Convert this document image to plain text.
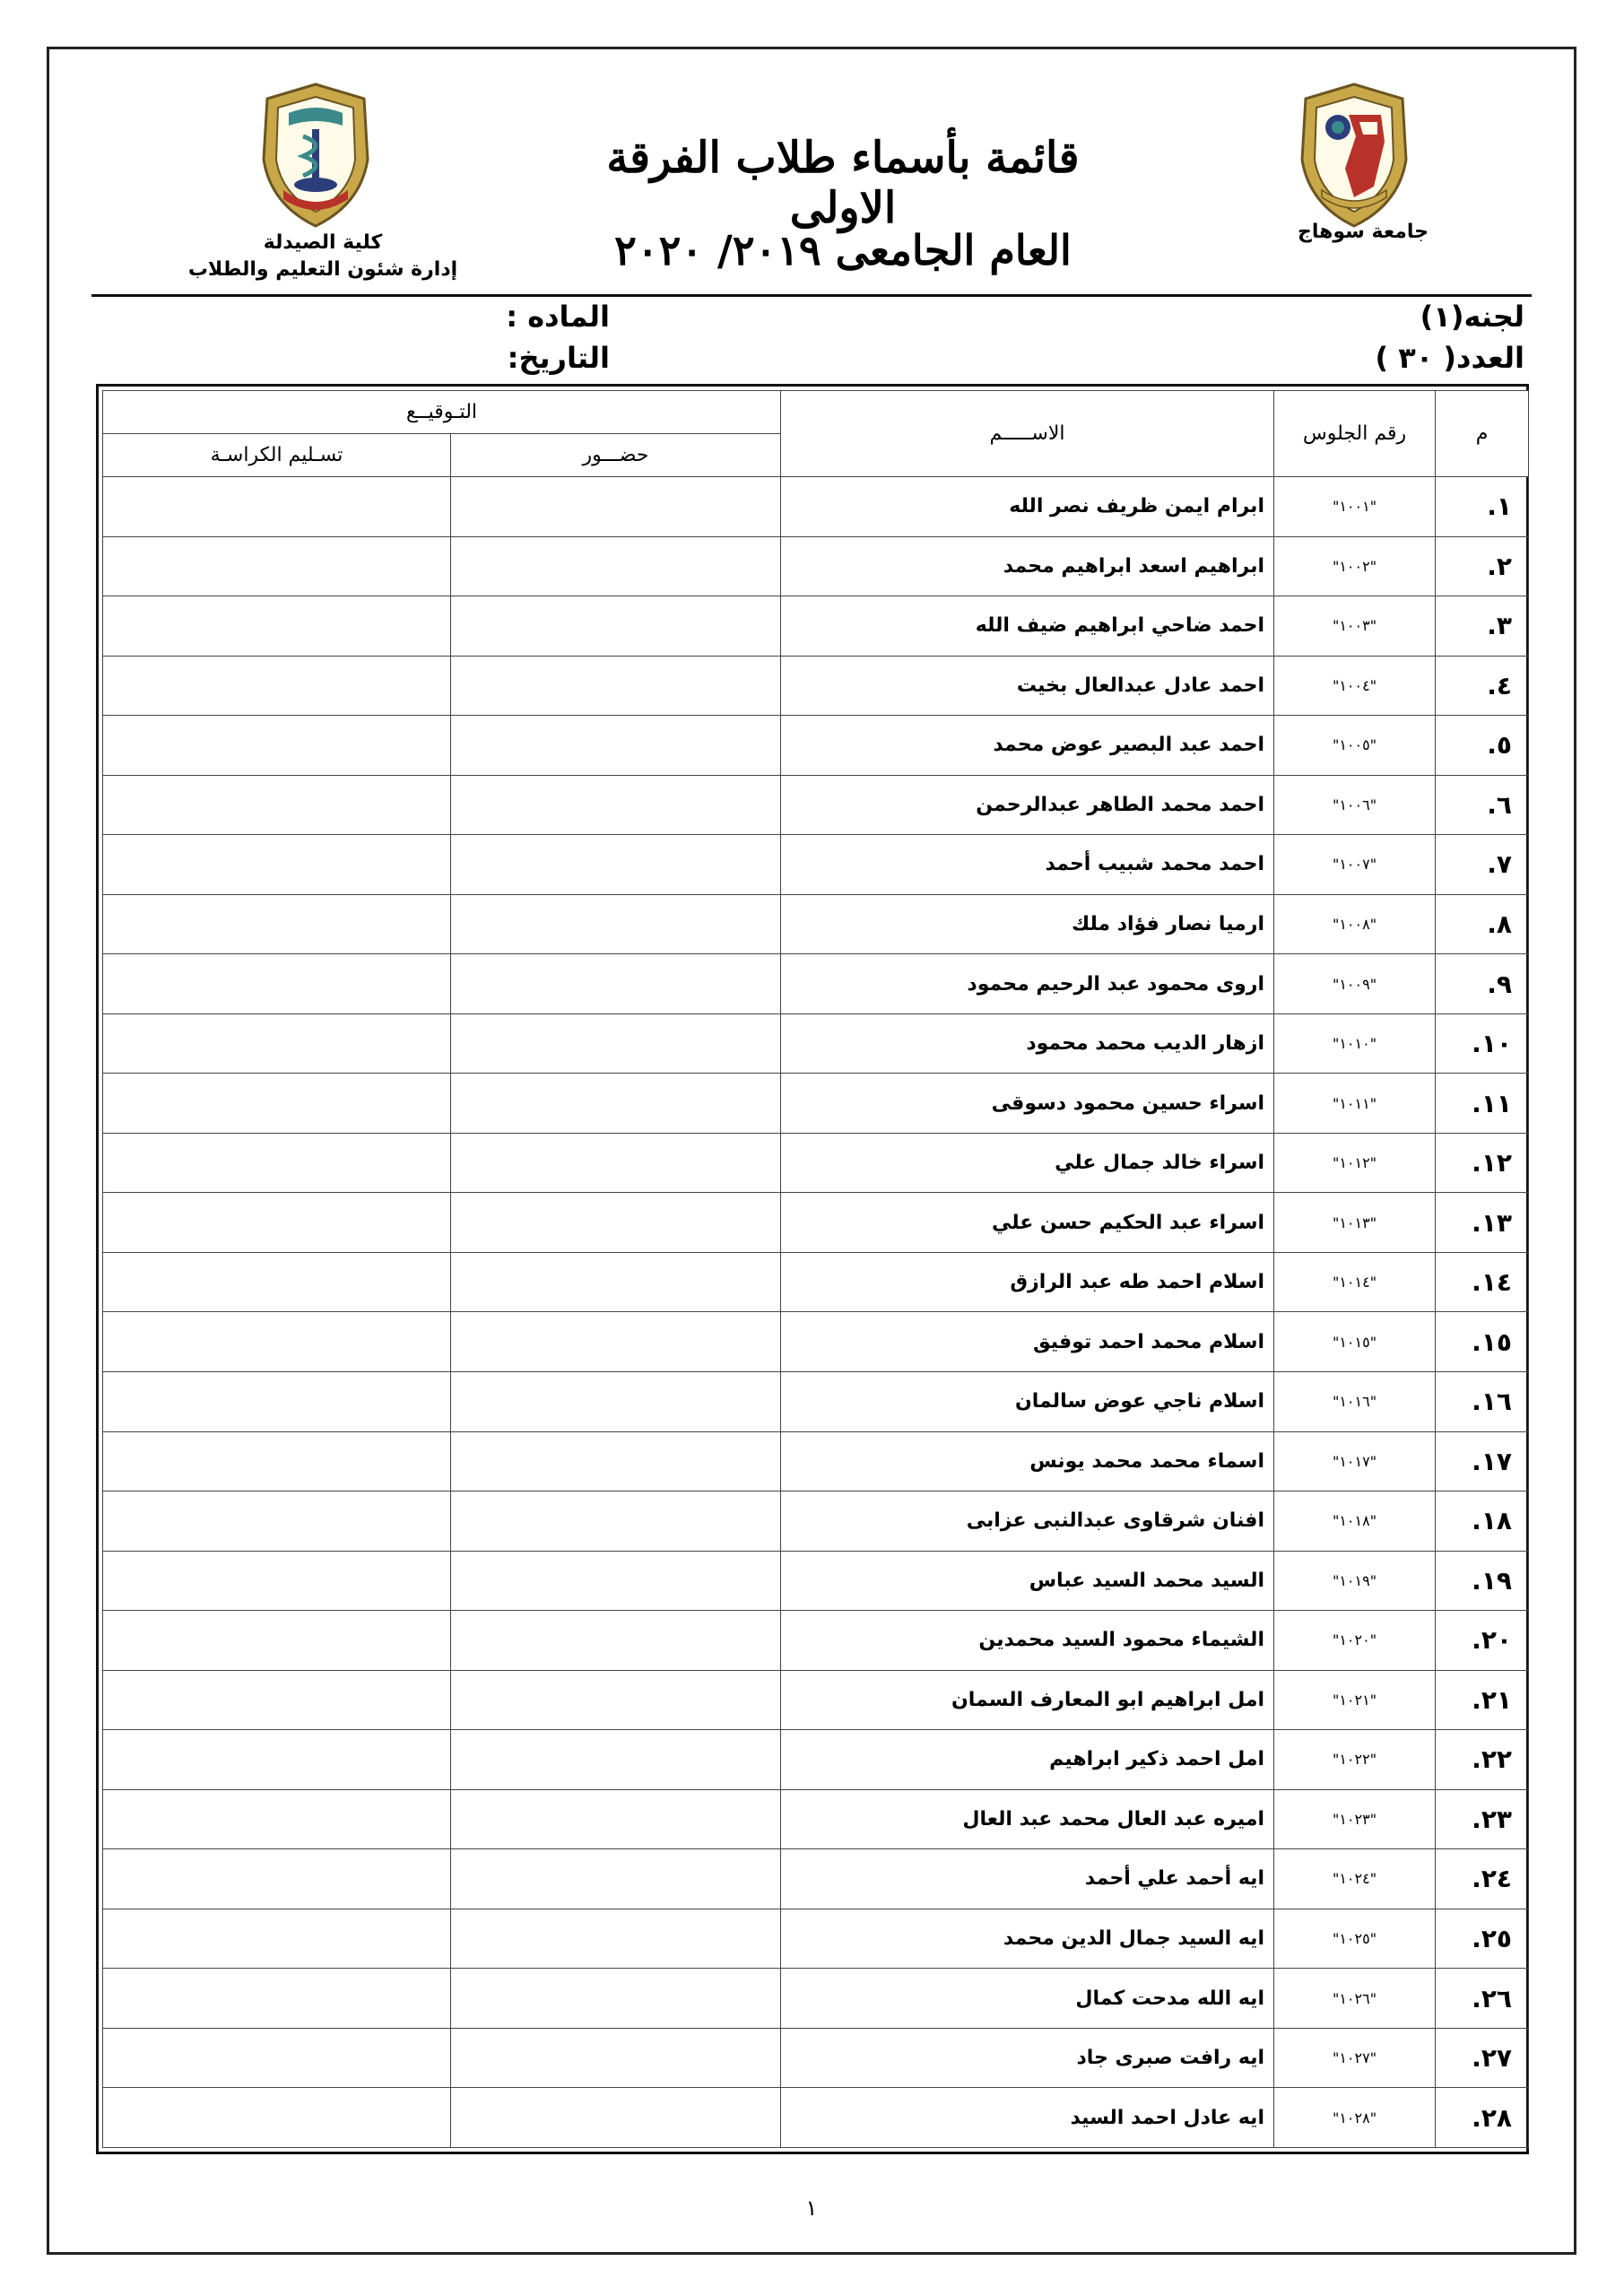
كلية الصيدلة
إدارة شئون التعليم والطلاب
جامعة سوهاج
قائمة بأسماء طلاب الفرقة الاولى
العام الجامعى ٢٠١٩/ ٢٠٢٠
لجنه(١)
العدد( ٣٠ )
الماده :
التاريخ:
م	رقم الجلوس	الاســـــم	التـوقيــع	
			حضـــور	تسـليم الكراسـة
١.	"١٠٠١"	ابرام ايمن ظريف نصر الله		
٢.	"١٠٠٢"	ابراهيم اسعد ابراهيم محمد		
٣.	"١٠٠٣"	احمد ضاحي ابراهيم ضيف الله		
٤.	"١٠٠٤"	احمد عادل عبدالعال بخيت		
٥.	"١٠٠٥"	احمد عبد البصير عوض محمد		
٦.	"١٠٠٦"	احمد محمد الطاهر عبدالرحمن		
٧.	"١٠٠٧"	احمد محمد شبيب أحمد		
٨.	"١٠٠٨"	ارميا نصار فؤاد ملك		
٩.	"١٠٠٩"	اروى محمود عبد الرحيم محمود		
١٠.	"١٠١٠"	ازهار الديب محمد محمود		
١١.	"١٠١١"	اسراء حسين محمود دسوقى		
١٢.	"١٠١٢"	اسراء خالد جمال علي		
١٣.	"١٠١٣"	اسراء عبد الحكيم حسن علي		
١٤.	"١٠١٤"	اسلام احمد طه عبد الرازق		
١٥.	"١٠١٥"	اسلام محمد احمد توفيق		
١٦.	"١٠١٦"	اسلام ناجي عوض سالمان		
١٧.	"١٠١٧"	اسماء محمد محمد يونس		
١٨.	"١٠١٨"	افنان شرقاوى عبدالنبى عزابى		
١٩.	"١٠١٩"	السيد محمد السيد عباس		
٢٠.	"١٠٢٠"	الشيماء محمود السيد محمدين		
٢١.	"١٠٢١"	امل ابراهيم ابو المعارف السمان		
٢٢.	"١٠٢٢"	امل احمد ذكير ابراهيم		
٢٣.	"١٠٢٣"	اميره عبد العال محمد عبد العال		
٢٤.	"١٠٢٤"	ايه أحمد علي أحمد		
٢٥.	"١٠٢٥"	ايه السيد جمال الدين محمد		
٢٦.	"١٠٢٦"	ايه الله مدحت كمال		
٢٧.	"١٠٢٧"	ايه رافت صبرى جاد		
٢٨.	"١٠٢٨"	ايه عادل احمد السيد		
١
